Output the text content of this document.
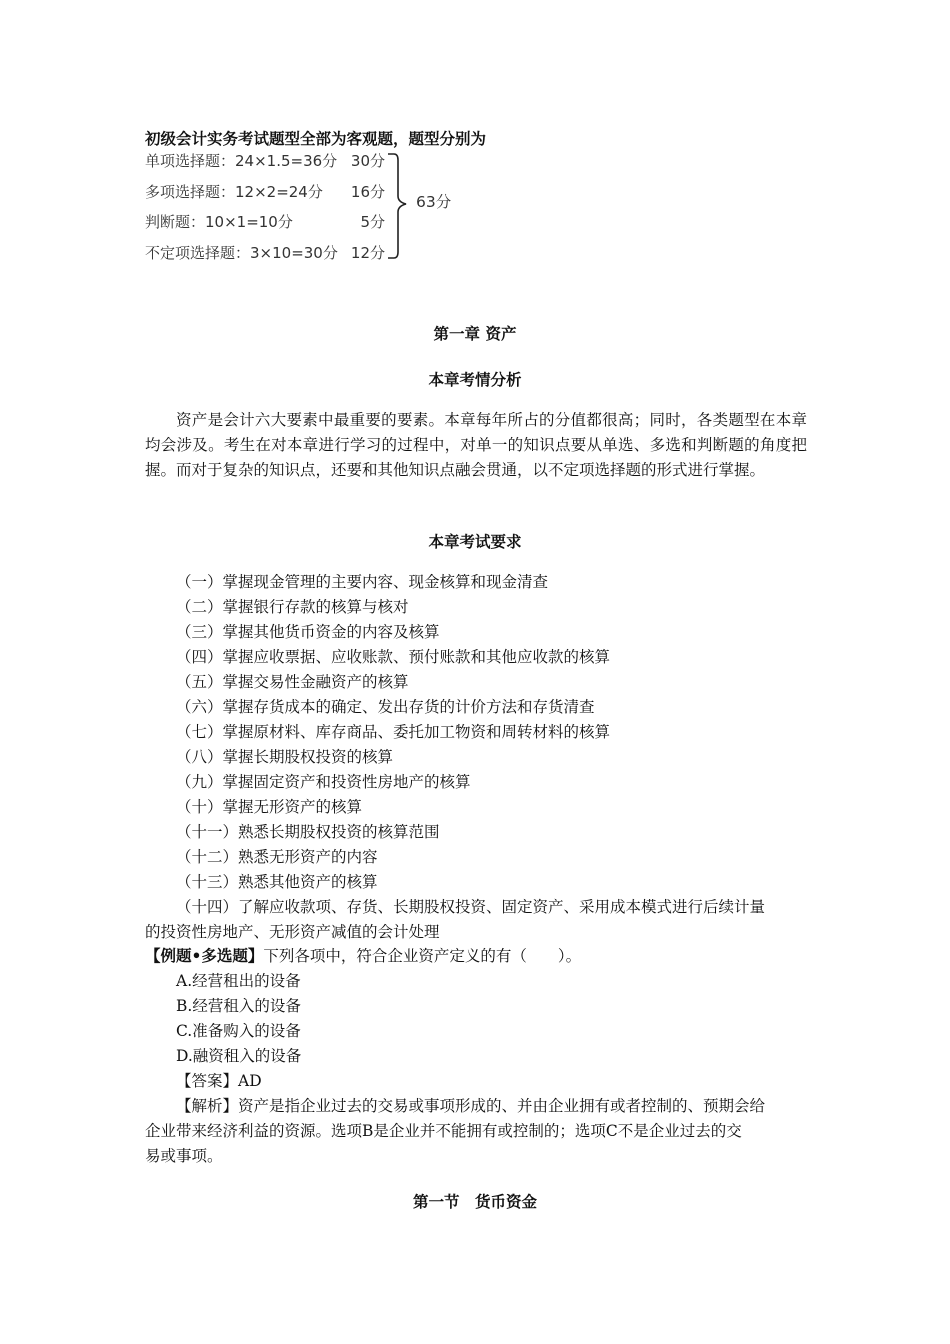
初级会计实务考试题型全部为客观题，题型分别为
单项选择题：24×1.5=36分 30分
多项选择题：12×2=24分	16分
判断题：10×1=10分	5分
不定项选择题：3×10=30分 12分
63分
第一章 资产
本章考情分析
资产是会计六大要素中最重要的要素。本章每年所占的分值都很高；同时，各类题型在本章均会涉及。考生在对本章进行学习的过程中，对单一的知识点要从单选、多选和判断题的角度把握。而对于复杂的知识点，还要和其他知识点融会贯通，以不定项选择题的形式进行掌握。
本章考试要求
（一）掌握现金管理的主要内容、现金核算和现金清查
（二）掌握银行存款的核算与核对
（三）掌握其他货币资金的内容及核算
（四）掌握应收票据、应收账款、预付账款和其他应收款的核算
（五）掌握交易性金融资产的核算
（六）掌握存货成本的确定、发出存货的计价方法和存货清查
（七）掌握原材料、库存商品、委托加工物资和周转材料的核算
（八）掌握长期股权投资的核算
（九）掌握固定资产和投资性房地产的核算
（十）掌握无形资产的核算
（十一）熟悉长期股权投资的核算范围
（十二）熟悉无形资产的内容
（十三）熟悉其他资产的核算
（十四）了解应收款项、存货、长期股权投资、固定资产、采用成本模式进行后续计量
的投资性房地产、无形资产减值的会计处理
【例题•多选题】下列各项中，符合企业资产定义的有（　　）。
A.经营租出的设备
B.经营租入的设备
C.准备购入的设备
D.融资租入的设备
【答案】AD
【解析】资产是指企业过去的交易或事项形成的、并由企业拥有或者控制的、预期会给
企业带来经济利益的资源。选项B是企业并不能拥有或控制的；选项C不是企业过去的交
易或事项。
第一节　货币资金
